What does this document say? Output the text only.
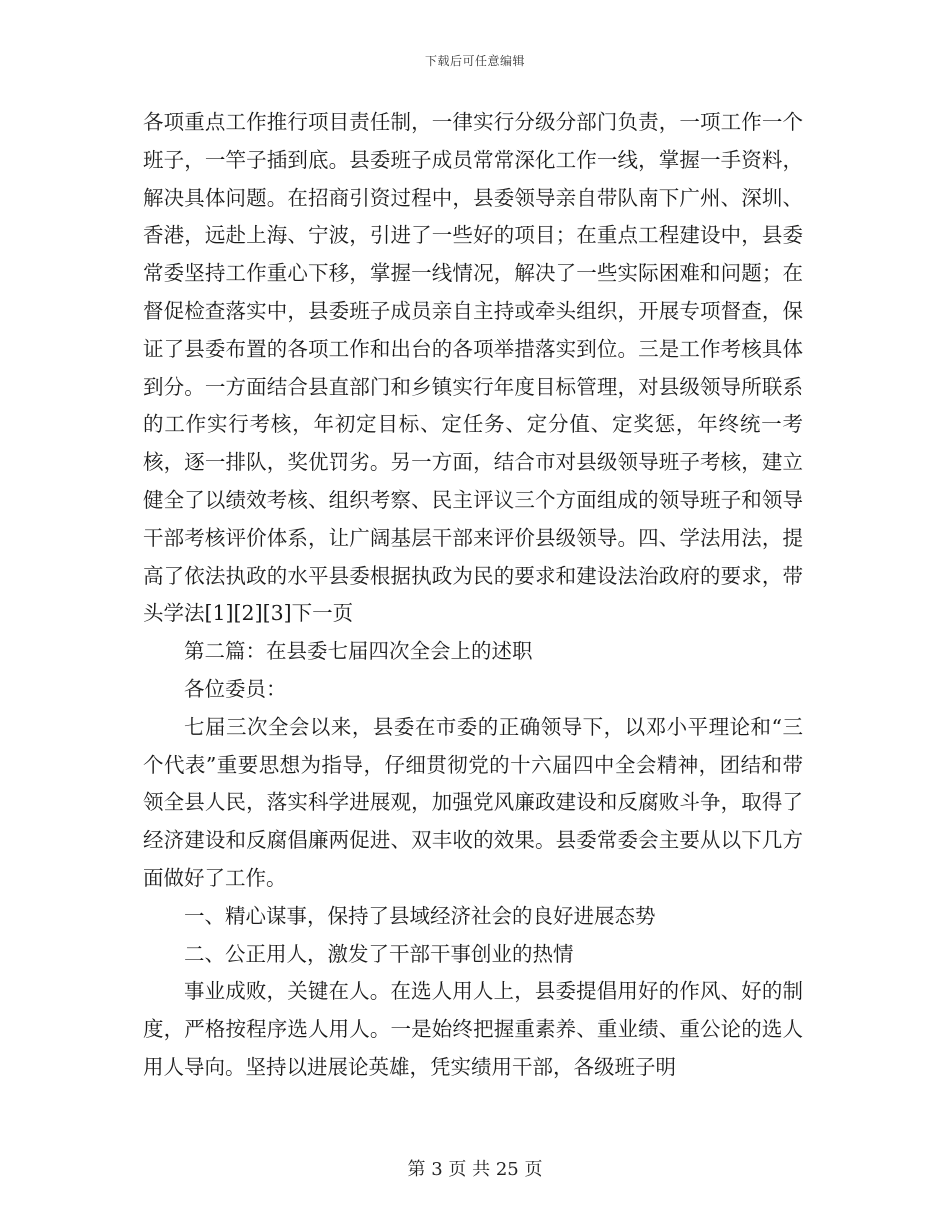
下载后可任意编辑

各项重点工作推行项目责任制，一律实行分级分部门负责，一项工作一个班子，一竿子插到底。县委班子成员常常深化工作一线，掌握一手资料，解决具体问题。在招商引资过程中，县委领导亲自带队南下广州、深圳、香港，远赴上海、宁波，引进了一些好的项目；在重点工程建设中，县委常委坚持工作重心下移，掌握一线情况，解决了一些实际困难和问题；在督促检查落实中，县委班子成员亲自主持或牵头组织，开展专项督查，保证了县委布置的各项工作和出台的各项举措落实到位。三是工作考核具体到分。一方面结合县直部门和乡镇实行年度目标管理，对县级领导所联系的工作实行考核，年初定目标、定任务、定分值、定奖惩，年终统一考核，逐一排队，奖优罚劣。另一方面，结合市对县级领导班子考核，建立健全了以绩效考核、组织考察、民主评议三个方面组成的领导班子和领导干部考核评价体系，让广阔基层干部来评价县级领导。四、学法用法，提高了依法执政的水平县委根据执政为民的要求和建设法治政府的要求，带头学法[1][2][3]下一页

第二篇：在县委七届四次全会上的述职

各位委员：

七届三次全会以来，县委在市委的正确领导下，以邓小平理论和“三个代表”重要思想为指导，仔细贯彻党的十六届四中全会精神，团结和带领全县人民，落实科学进展观，加强党风廉政建设和反腐败斗争，取得了经济建设和反腐倡廉两促进、双丰收的效果。县委常委会主要从以下几方面做好了工作。

一、精心谋事，保持了县域经济社会的良好进展态势

二、公正用人，激发了干部干事创业的热情

事业成败，关键在人。在选人用人上，县委提倡用好的作风、好的制度，严格按程序选人用人。一是始终把握重素养、重业绩、重公论的选人用人导向。坚持以进展论英雄，凭实绩用干部，各级班子明

第 3 页 共 25 页
